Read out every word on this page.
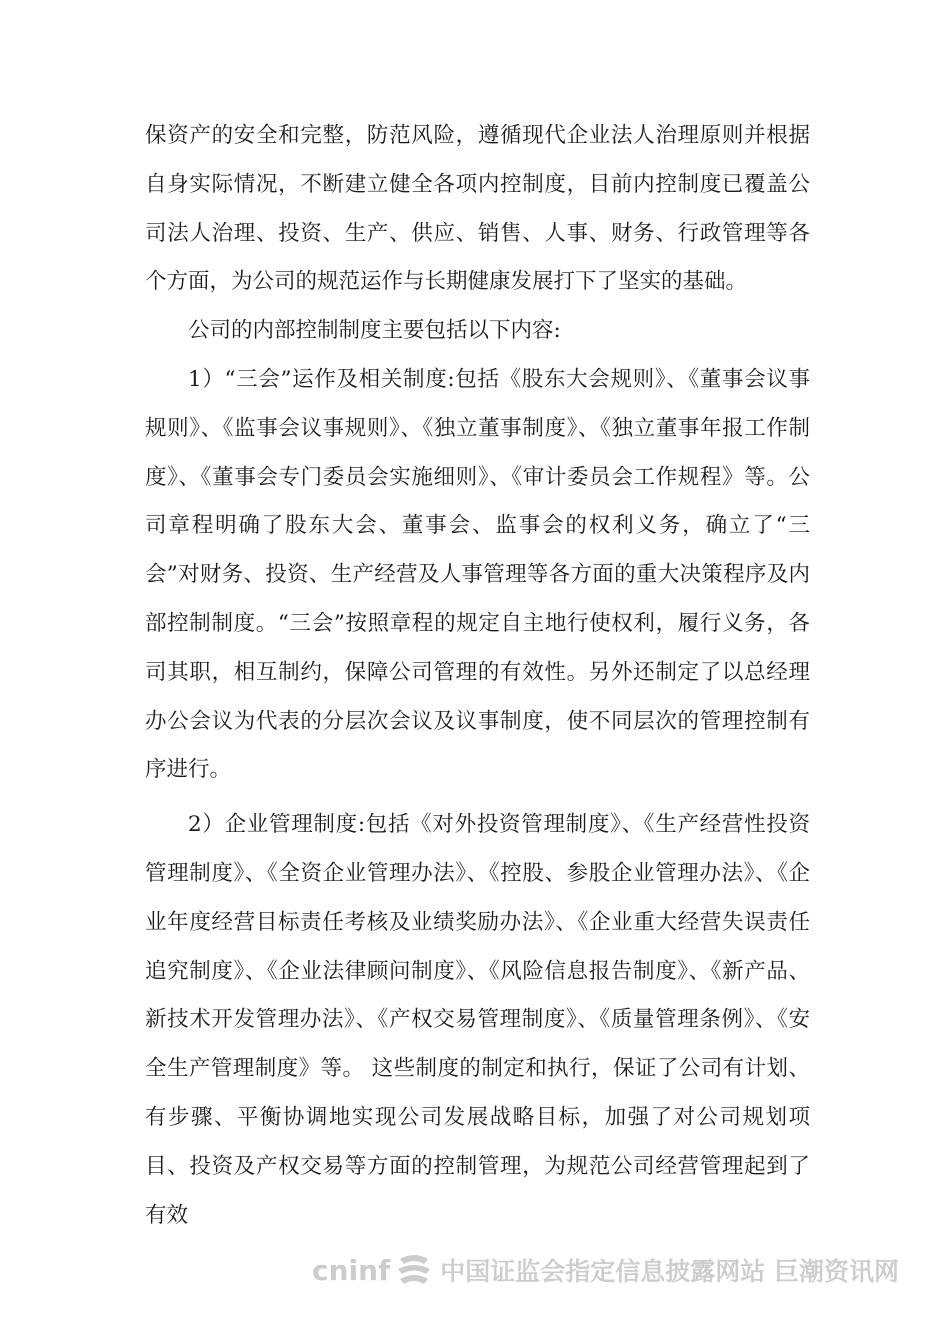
保资产的安全和完整，防范风险，遵循现代企业法人治理原则并根据自身实际情况，不断建立健全各项内控制度，目前内控制度已覆盖公司法人治理、投资、生产、供应、销售、人事、财务、行政管理等各个方面，为公司的规范运作与长期健康发展打下了坚实的基础。

公司的内部控制制度主要包括以下内容:

1）“三会”运作及相关制度:包括《股东大会规则》、《董事会议事规则》、《监事会议事规则》、《独立董事制度》、《独立董事年报工作制度》、《董事会专门委员会实施细则》、《审计委员会工作规程》等。公司章程明确了股东大会、董事会、监事会的权利义务，确立了“三会”对财务、投资、生产经营及人事管理等各方面的重大决策程序及内部控制制度。“三会”按照章程的规定自主地行使权利，履行义务，各司其职，相互制约，保障公司管理的有效性。另外还制定了以总经理办公会议为代表的分层次会议及议事制度，使不同层次的管理控制有序进行。

2）企业管理制度:包括《对外投资管理制度》、《生产经营性投资管理制度》、《全资企业管理办法》、《控股、参股企业管理办法》、《企业年度经营目标责任考核及业绩奖励办法》、《企业重大经营失误责任追究制度》、《企业法律顾问制度》、《风险信息报告制度》、《新产品、新技术开发管理办法》、《产权交易管理制度》、《质量管理条例》、《安全生产管理制度》等。 这些制度的制定和执行，保证了公司有计划、有步骤、平衡协调地实现公司发展战略目标，加强了对公司规划项目、投资及产权交易等方面的控制管理，为规范公司经营管理起到了有效

cninf 中国证监会指定信息披露网站 巨潮资讯网
